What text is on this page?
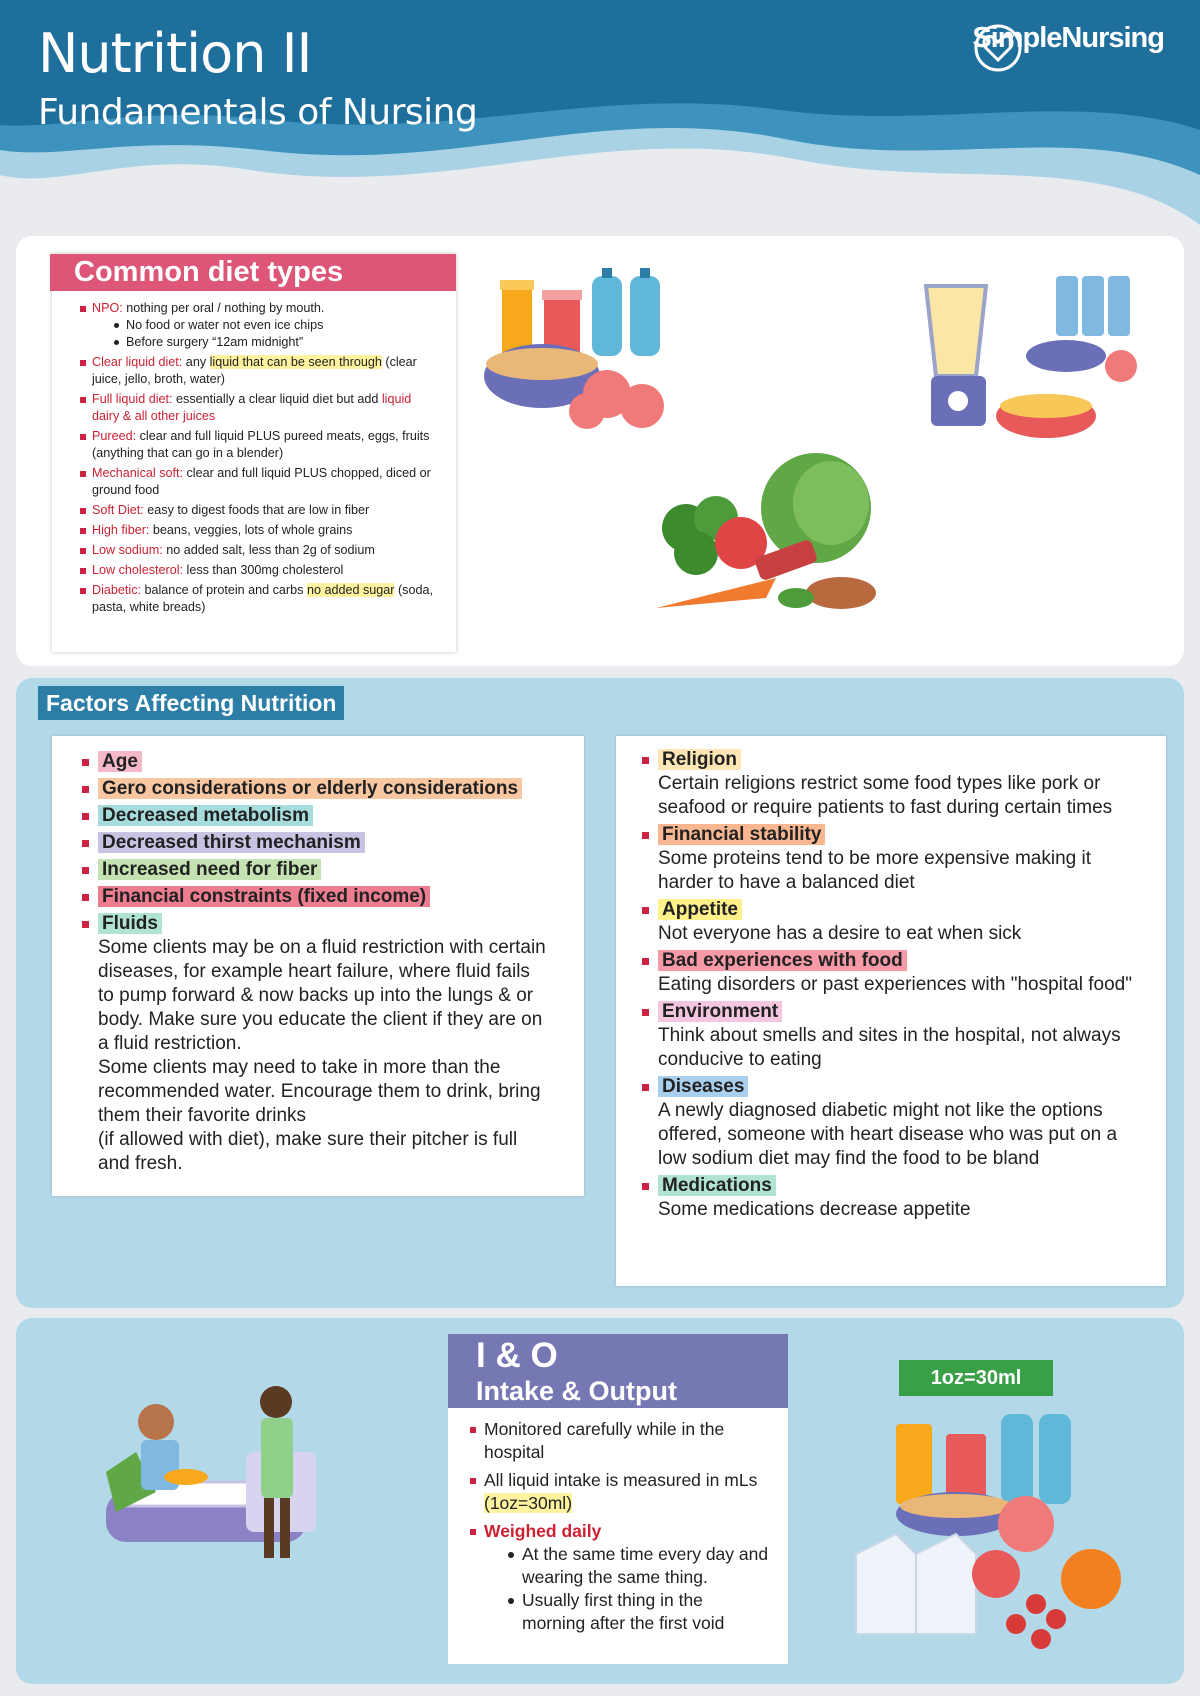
Nutrition II
Fundamentals of Nursing
SimpleNursing
Common diet types
NPO: nothing per oral / nothing by mouth.
No food or water not even ice chips
Before surgery “12am midnight”
Clear liquid diet: any liquid that can be seen through (clear juice, jello, broth, water)
Full liquid diet: essentially a clear liquid diet but add liquid dairy & all other juices
Pureed: clear and full liquid PLUS pureed meats, eggs, fruits (anything that can go in a blender)
Mechanical soft: clear and full liquid PLUS chopped, diced or ground food
Soft Diet: easy to digest foods that are low in fiber
High fiber: beans, veggies, lots of whole grains
Low sodium: no added salt, less than 2g of sodium
Low cholesterol: less than 300mg cholesterol
Diabetic: balance of protein and carbs no added sugar (soda, pasta, white breads)
Factors Affecting Nutrition
Age
Gero considerations or elderly considerations
Decreased metabolism
Decreased thirst mechanism
Increased need for fiber
Financial constraints (fixed income)
Fluids
Some clients may be on a fluid restriction with certain diseases, for example heart failure, where fluid fails to pump forward & now backs up into the lungs & or body. Make sure you educate the client if they are on a fluid restriction.
Some clients may need to take in more than the recommended water. Encourage them to drink, bring them their favorite drinks
(if allowed with diet), make sure their pitcher is full and fresh.
Religion
Certain religions restrict some food types like pork or seafood or require patients to fast during certain times
Financial stability
Some proteins tend to be more expensive making it harder to have a balanced diet
Appetite
Not everyone has a desire to eat when sick
Bad experiences with food
Eating disorders or past experiences with "hospital food"
Environment
Think about smells and sites in the hospital, not always conducive to eating
Diseases
A newly diagnosed diabetic might not like the options offered, someone with heart disease who was put on a low sodium diet may find the food to be bland
Medications
Some medications decrease appetite
I & O
Intake & Output
Monitored carefully while in the hospital
All liquid intake is measured in mLs (1oz=30ml)
Weighed daily
At the same time every day and wearing the same thing.
Usually first thing in the morning after the first void
1oz=30ml
